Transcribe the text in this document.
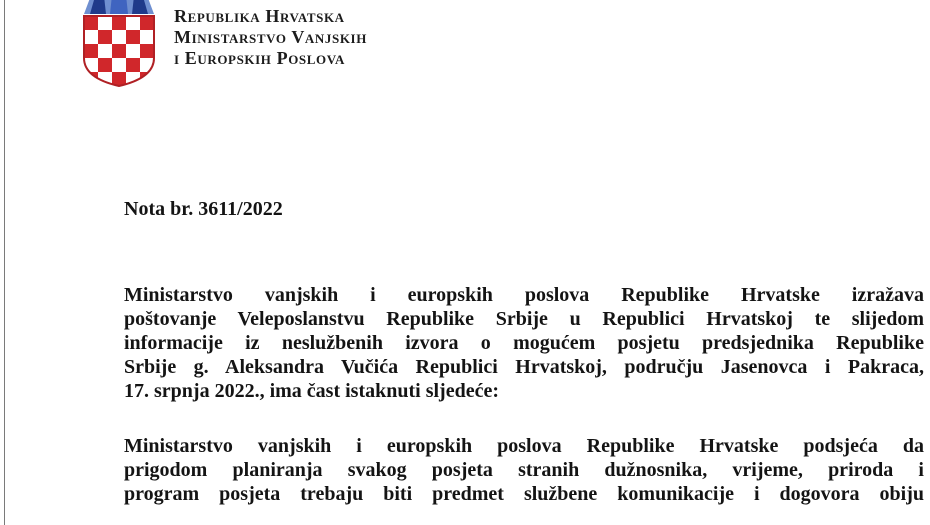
Republika Hrvatska
Ministarstvo Vanjskih
i Europskih Poslova
Nota br. 3611/2022
Ministarstvo vanjskih i europskih poslova Republike Hrvatske izražava
poštovanje Veleposlanstvu Republike Srbije u Republici Hrvatskoj te slijedom
informacije iz neslužbenih izvora o mogućem posjetu predsjednika Republike
Srbije g. Aleksandra Vučića Republici Hrvatskoj, području Jasenovca i Pakraca,
17. srpnja 2022., ima čast istaknuti sljedeće:
Ministarstvo vanjskih i europskih poslova Republike Hrvatske podsjeća da
prigodom planiranja svakog posjeta stranih dužnosnika, vrijeme, priroda i
program posjeta trebaju biti predmet službene komunikacije i dogovora obiju
